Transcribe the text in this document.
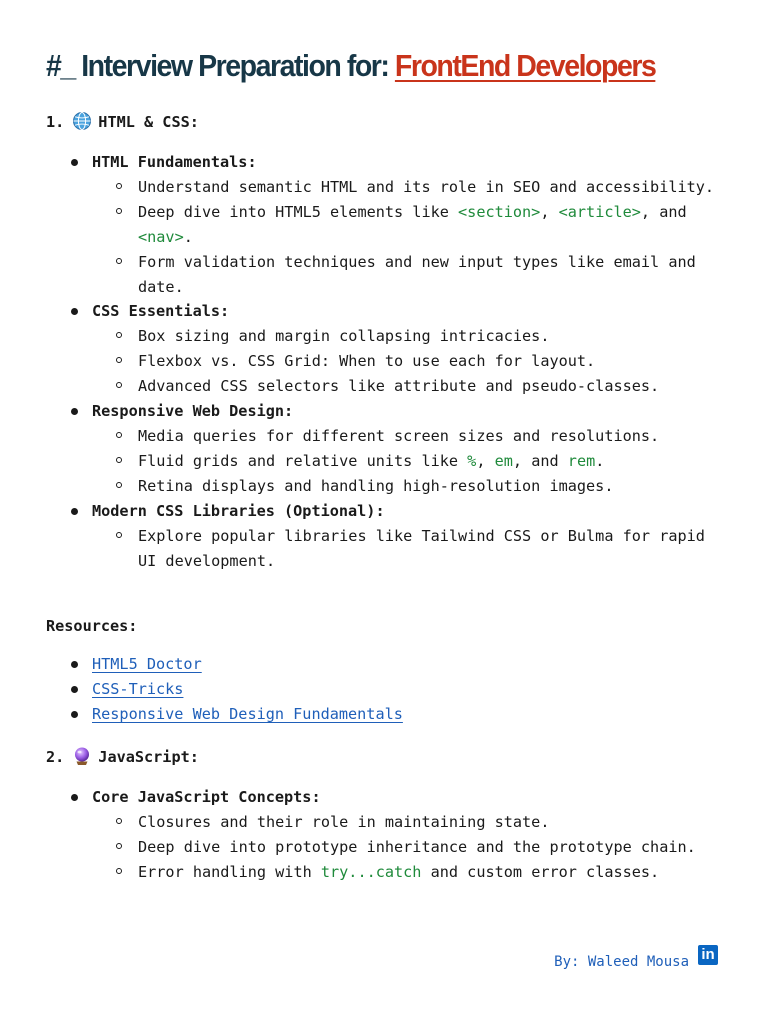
#_ Interview Preparation for: FrontEnd Developers
1. HTML & CSS:
HTML Fundamentals:
Understand semantic HTML and its role in SEO and accessibility.
Deep dive into HTML5 elements like <section>, <article>, and <nav>.
Form validation techniques and new input types like email and date.
CSS Essentials:
Box sizing and margin collapsing intricacies.
Flexbox vs. CSS Grid: When to use each for layout.
Advanced CSS selectors like attribute and pseudo-classes.
Responsive Web Design:
Media queries for different screen sizes and resolutions.
Fluid grids and relative units like %, em, and rem.
Retina displays and handling high-resolution images.
Modern CSS Libraries (Optional):
Explore popular libraries like Tailwind CSS or Bulma for rapid UI development.
Resources:
HTML5 Doctor
CSS-Tricks
Responsive Web Design Fundamentals
2. JavaScript:
Core JavaScript Concepts:
Closures and their role in maintaining state.
Deep dive into prototype inheritance and the prototype chain.
Error handling with try...catch and custom error classes.
By: Waleed Mousa in
